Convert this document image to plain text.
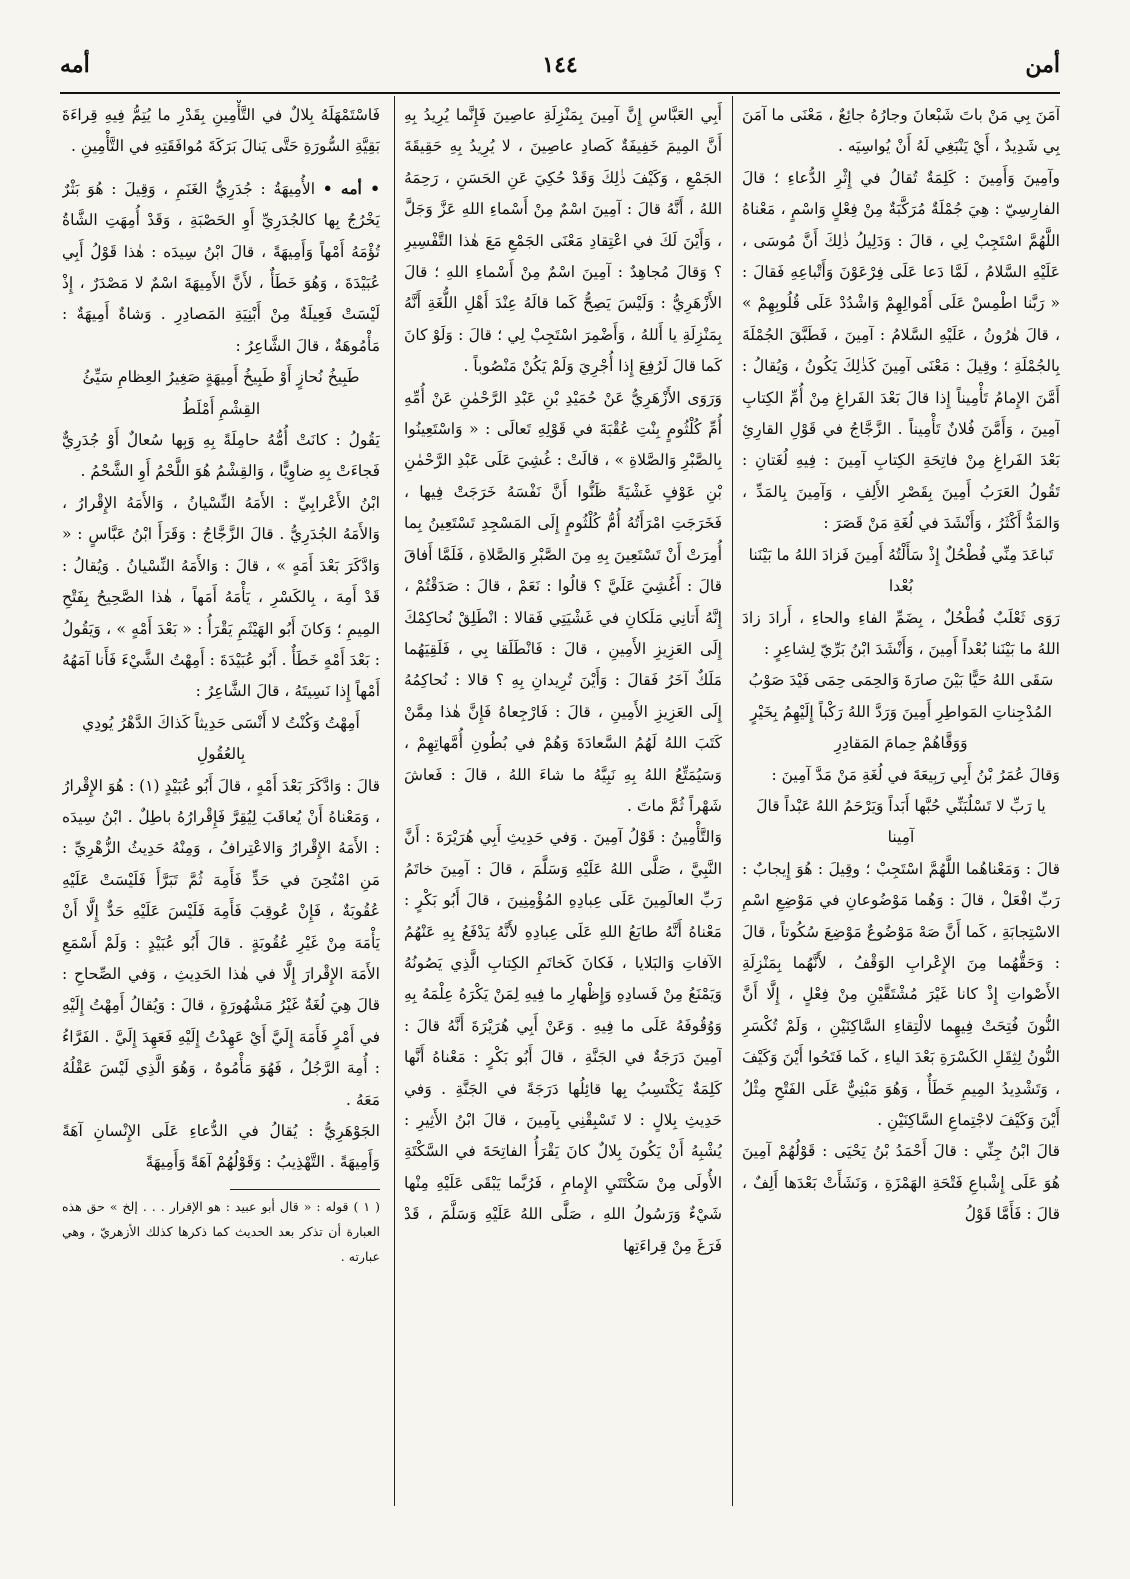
أمن
١٤٤
أمه

آمَنَ بِي مَنْ باتَ شَبْعانَ وجارُهُ جائِعٌ ، مَعْنَى ما آمَنَ بِي شَدِيدٌ ، أَيْ يَنْبَغِي لَهُ أَنْ يُواسِيَه .

وآمِينَ وَأَمِينَ : كَلِمَةٌ تُقالُ في إِثْرِ الدُّعاءِ ؛ قالَ الفارِسِيّ : هِيَ جُمْلَةٌ مُرَكَّبَةٌ مِنْ فِعْلٍ وَاسْمٍ ، مَعْناهُ اللَّهُمَّ اسْتَجِبْ لِي ، قالَ : وَدَلِيلُ ذٰلِكَ أَنَّ مُوسَى ، عَلَيْهِ السَّلامُ ، لَمَّا دَعا عَلَى فِرْعَوْنَ وَأَتْباعِهِ فَقالَ : « رَبَّنا اطْمِسْ عَلَى أَمْوالِهِمْ وَاشْدُدْ عَلَى قُلُوبِهِمْ » ، قالَ هٰرُونُ ، عَلَيْهِ السَّلامُ : آمِينَ ، فَطَبَّقَ الجُمْلَةَ بِالجُمْلَةِ ؛ وقِيلَ : مَعْنَى آمِينَ كَذٰلِكَ يَكُونُ ، وَيُقالُ : أَمَّنَ الإِمامُ تَأْمِيناً إِذا قالَ بَعْدَ الفَراغِ مِنْ أُمِّ الكِتابِ آمِينَ ، وَأَمَّنَ فُلانٌ تَأْمِيناً . الزَّجَّاجُ في قَوْلِ القارِئِ بَعْدَ الفَراغِ مِنْ فاتِحَةِ الكِتابِ آمِينَ : فِيهِ لُغَتانِ : تَقُولُ العَرَبُ أَمِينَ بِقَصْرِ الأَلِفِ ، وَآمِينَ بِالمَدِّ ، وَالمَدُّ أَكْثَرُ ، وَأَنْشَدَ في لُغَةِ مَنْ قَصَرَ :

تَباعَدَ مِنِّي فُطْحُلٌ إِذْ سَأَلْتُهُ أَمِينَ فَزادَ اللهُ ما بَيْنَنا بُعْدا

رَوَى ثَعْلَبٌ فُطْحُلٌ ، بِضَمِّ الفاءِ والحاءِ ، أَرادَ زادَ اللهُ ما بَيْنَنا بُعْداً أَمِينَ ، وَأَنْشَدَ ابْنُ بَرِّيّ لِشاعِرٍ :

سَقَى اللهُ حَيًّا بَيْنَ صارَةَ وَالحِمَى حِمَى فَيْدَ صَوْبُ المُدْجِناتِ المَواطِرِ أَمِينَ وَرَدَّ اللهُ رَكْباً إِلَيْهِمُ بِخَيْرٍ وَوَقَّاهُمْ حِمامَ المَقادِرِ

وَقالَ عُمَرُ بْنُ أَبِي رَبِيعَةَ في لُغَةِ مَنْ مَدَّ آمِينَ :

يا رَبِّ لا تَسْلُبَنِّي حُبَّها أَبَداً وَيَرْحَمُ اللهُ عَبْداً قالَ آمِينا

قالَ : وَمَعْناهُما اللَّهُمَّ اسْتَجِبْ ؛ وقِيلَ : هُوَ إِيجابٌ : رَبِّ افْعَلْ ، قالَ : وَهُما مَوْضُوعانِ في مَوْضِعِ اسْمِ الاسْتِجابَةِ ، كَما أَنَّ صَهْ مَوْضُوعٌ مَوْضِعَ سُكُوتاً ، قالَ : وَحَقُّهُما مِنَ الإِعْرابِ الوَقْفُ ، لأَنَّهُما بِمَنْزِلَةِ الأَصْواتِ إِذْ كانا غَيْرَ مُشْتَقَّيْنِ مِنْ فِعْلٍ ، إِلَّا أَنَّ النُّونَ فُتِحَتْ فِيهِما لالْتِقاءِ السَّاكِنَيْنِ ، وَلَمْ تُكْسَرِ النُّونُ لِثِقَلِ الكَسْرَةِ بَعْدَ الياءِ ، كَما فَتَحُوا أَيْنَ وَكَيْفَ ، وَتَشْدِيدُ المِيمِ خَطَأٌ ، وَهُوَ مَبْنِيٌّ عَلَى الفَتْحِ مِثْلُ أَيْنَ وَكَيْفَ لاجْتِماعِ السَّاكِنَيْنِ .

قالَ ابْنُ جِنِّي : قالَ أَحْمَدُ بْنُ يَحْيَى : قَوْلُهُمْ آمِينَ هُوَ عَلَى إِشْباعِ فَتْحَةِ الهَمْزَةِ ، وَنَشَأَتْ بَعْدَها أَلِفٌ ، قالَ : فَأَمَّا قَوْلُ

أَبِي العَبَّاسِ إِنَّ آمِينَ بِمَنْزِلَةِ عاصِينَ فَإِنَّما يُرِيدُ بِهِ أَنَّ المِيمَ خَفِيفَةٌ كَصادِ عاصِينَ ، لا يُرِيدُ بِهِ حَقِيقَةَ الجَمْعِ ، وَكَيْفَ ذٰلِكَ وَقَدْ حُكِيَ عَنِ الحَسَنِ ، رَحِمَهُ اللهُ ، أَنَّهُ قالَ : آمِينَ اسْمٌ مِنْ أَسْماءِ اللهِ عَزَّ وَجَلَّ ، وَأَيْنَ لَكَ في اعْتِقادِ مَعْنَى الجَمْعِ مَعَ هٰذا التَّفْسِيرِ ؟ وَقالَ مُجاهِدٌ : آمِينَ اسْمٌ مِنْ أَسْماءِ اللهِ ؛ قالَ الأَزْهَرِيُّ : وَلَيْسَ يَصِحُّ كَما قالَهُ عِنْدَ أَهْلِ اللُّغَةِ أَنَّهُ بِمَنْزِلَةِ يا أَللهُ ، وَأَضْمِرَ اسْتَجِبْ لِي ؛ قالَ : وَلَوْ كانَ كَما قالَ لَرُفِعَ إِذا أُجْرِيَ وَلَمْ يَكُنْ مَنْصُوباً .

وَرَوَى الأَزْهَرِيُّ عَنْ حُمَيْدِ بْنِ عَبْدِ الرَّحْمٰنِ عَنْ أُمِّهِ أُمِّ كُلْثُومٍ بِنْتِ عُقْبَةَ في قَوْلِهِ تَعالَى : « وَاسْتَعِينُوا بِالصَّبْرِ وَالصَّلاةِ » ، قالَتْ : غُشِيَ عَلَى عَبْدِ الرَّحْمٰنِ بْنِ عَوْفٍ غَشْيَةً ظَنُّوا أَنَّ نَفْسَهُ خَرَجَتْ فِيها ، فَخَرَجَتِ امْرَأَتُهُ أُمُّ كُلْثُومٍ إِلَى المَسْجِدِ تَسْتَعِينُ بِما أُمِرَتْ أَنْ تَسْتَعِينَ بِهِ مِنَ الصَّبْرِ وَالصَّلاةِ ، فَلَمَّا أَفاقَ قالَ : أَغُشِيَ عَلَيَّ ؟ قالُوا : نَعَمْ ، قالَ : صَدَقْتُمْ ، إِنَّهُ أَتانِي مَلَكانِ في غَشْيَتِي فَقالا : انْطَلِقْ نُحاكِمْكَ إِلَى العَزِيزِ الأَمِينِ ، قالَ : فَانْطَلَقا بِي ، فَلَقِيَهُما مَلَكٌ آخَرُ فَقالَ : وَأَيْنَ تُرِيدانِ بِهِ ؟ قالا : نُحاكِمُهُ إِلَى العَزِيزِ الأَمِينِ ، قالَ : فَارْجِعاهُ فَإِنَّ هٰذا مِمَّنْ كَتَبَ اللهُ لَهُمُ السَّعادَةَ وَهُمْ في بُطُونِ أُمَّهاتِهِمْ ، وَسَيُمَتِّعُ اللهُ بِهِ نَبِيَّهُ ما شاءَ اللهُ ، قالَ : فَعاشَ شَهْراً ثُمَّ ماتَ .

وَالتَّأْمِينُ : قَوْلُ آمِينَ . وَفي حَدِيثِ أَبِي هُرَيْرَةَ : أَنَّ النَّبِيَّ ، صَلَّى اللهُ عَلَيْهِ وَسَلَّمَ ، قالَ : آمِينَ خاتَمُ رَبِّ العالَمِينَ عَلَى عِبادِهِ المُؤْمِنِينَ ، قالَ أَبُو بَكْرٍ : مَعْناهُ أَنَّهُ طابَعُ اللهِ عَلَى عِبادِهِ لأَنَّهُ يَدْفَعُ بِهِ عَنْهُمُ الآفاتِ وَالبَلايا ، فَكانَ كَخاتَمِ الكِتابِ الَّذِي يَصُونُهُ وَيَمْنَعُ مِنْ فَسادِهِ وَإِظْهارِ ما فِيهِ لِمَنْ يَكْرَهُ عِلْمَهُ بِهِ وَوُقُوفَهُ عَلَى ما فِيهِ . وَعَنْ أَبِي هُرَيْرَةَ أَنَّهُ قالَ : آمِينَ دَرَجَةٌ في الجَنَّةِ ، قالَ أَبُو بَكْرٍ : مَعْناهُ أَنَّها كَلِمَةٌ يَكْتَسِبُ بِها قائِلُها دَرَجَةً في الجَنَّةِ . وَفي حَدِيثِ بِلالٍ : لا تَسْبِقْنِي بِآمِينَ ، قالَ ابْنُ الأَثِيرِ : يُشْبِهُ أَنْ يَكُونَ بِلالٌ كانَ يَقْرَأُ الفاتِحَةَ في السَّكْتَةِ الأُولَى مِنْ سَكْتَتَيِ الإِمامِ ، فَرُبَّما يَبْقَى عَلَيْهِ مِنْها شَيْءٌ وَرَسُولُ اللهِ ، صَلَّى اللهُ عَلَيْهِ وَسَلَّمَ ، قَدْ فَرَغَ مِنْ قِراءَتِها

فَاسْتَمْهَلَهُ بِلالٌ في التَّأْمِينِ بِقَدْرِ ما يُتِمُّ فِيهِ قِراءَةَ بَقِيَّةِ السُّورَةِ حَتَّى يَنالَ بَرَكَةَ مُوافَقَتِهِ في التَّأْمِينِ .

• أمه • الأُمِيهَةُ : جُدَرِيُّ الغَنَمِ ، وَقِيلَ : هُوَ بَثْرٌ يَخْرُجُ بِها كالجُدَرِيِّ أَوِ الحَصْبَةِ ، وَقَدْ أُمِهَتِ الشَّاةُ تُؤْمَهُ أَمْهاً وَأَمِيهَةً ، قالَ ابْنُ سِيدَه : هٰذا قَوْلُ أَبِي عُبَيْدَةَ ، وَهُوَ خَطَأٌ ، لأَنَّ الأَمِيهَةَ اسْمٌ لا مَصْدَرٌ ، إِذْ لَيْسَتْ فَعِيلَةٌ مِنْ أَبْنِيَةِ المَصادِرِ . وَشاةٌ أَمِيهَةٌ : مَأْمُوهَةٌ ، قالَ الشَّاعِرُ :

طَبِيخُ نُحازٍ أَوْ طَبِيخُ أَمِيهَةٍ صَغِيرُ العِظامِ سَيِّئُ القِشْمِ أَمْلَطُ

يَقُولُ : كانَتْ أُمُّهُ حامِلَةً بِهِ وَبِها سُعالٌ أَوْ جُدَرِيٌّ فَجاءَتْ بِهِ ضاوِيًّا ، وَالقِشْمُ هُوَ اللَّحْمُ أَوِ الشَّحْمُ .

ابْنُ الأَعْرابِيِّ : الأَمَهُ النِّسْيانُ ، وَالأَمَهُ الإِقْرارُ ، وَالأَمَهُ الجُدَرِيُّ . قالَ الزَّجَّاجُ : وَقَرَأَ ابْنُ عَبَّاسٍ : « وَادَّكَرَ بَعْدَ أَمَهٍ » ، قالَ : وَالأَمَهُ النِّسْيانُ . وَيُقالُ : قَدْ أَمِهَ ، بِالكَسْرِ ، يَأْمَهُ أَمَهاً ، هٰذا الصَّحِيحُ بِفَتْحِ المِيمِ ؛ وَكانَ أَبُو الهَيْثَمِ يَقْرَأُ : « بَعْدَ أَمْهٍ » ، وَيَقُولُ : بَعْدَ أَمْهٍ خَطَأٌ . أَبُو عُبَيْدَةَ : أَمِهْتُ الشَّيْءَ فَأَنا آمَهُهُ أَمْهاً إِذا نَسِيتَهُ ، قالَ الشَّاعِرُ :

أَمِهْتُ وَكُنْتُ لا أَنْسَى حَدِيثاً كَذاكَ الدَّهْرُ يُودِي بِالعُقُولِ

قالَ : وَادَّكَرَ بَعْدَ أَمْهٍ ، قالَ أَبُو عُبَيْدٍ (١) : هُوَ الإِقْرارُ ، وَمَعْناهُ أَنْ يُعاقَبَ لِيُقِرَّ فَإِقْرارُهُ باطِلٌ . ابْنُ سِيدَه : الأَمَهُ الإِقْرارُ وَالاعْتِرافُ ، وَمِنْهُ حَدِيثُ الزُّهْرِيِّ : مَنِ امْتُحِنَ في حَدٍّ فَأَمِهَ ثُمَّ تَبَرَّأَ فَلَيْسَتْ عَلَيْهِ عُقُوبَةٌ ، فَإِنْ عُوقِبَ فَأَمِهَ فَلَيْسَ عَلَيْهِ حَدٌّ إِلَّا أَنْ يَأْمَهَ مِنْ غَيْرِ عُقُوبَةٍ . قالَ أَبُو عُبَيْدٍ : وَلَمْ أَسْمَعِ الأَمَهَ الإِقْرارَ إِلَّا في هٰذا الحَدِيثِ ، وَفي الصِّحاحِ : قالَ هِيَ لُغَةٌ غَيْرُ مَشْهُورَةٍ ، قالَ : وَيُقالُ أَمِهْتُ إِلَيْهِ في أَمْرٍ فَأَمَهَ إِلَيَّ أَيْ عَهِدْتُ إِلَيْهِ فَعَهِدَ إِلَيَّ . الفَرَّاءُ : أُمِهَ الرَّجُلُ ، فَهُوَ مَأْمُوهٌ ، وَهُوَ الَّذِي لَيْسَ عَقْلُهُ مَعَهُ .

الجَوْهَرِيُّ : يُقالُ في الدُّعاءِ عَلَى الإِنْسانِ آهَةً وَأَمِيهَةً . التَّهْذِيبُ : وَقَوْلُهُمْ آهَةً وَأَمِيهَةً

( ١ ) قوله : « قال أبو عبيد : هو الإقرار . . . إلخ » حق هذه العبارة أن تذكر بعد الحديث كما ذكرها كذلك الأزهريّ ، وهي عبارته .
